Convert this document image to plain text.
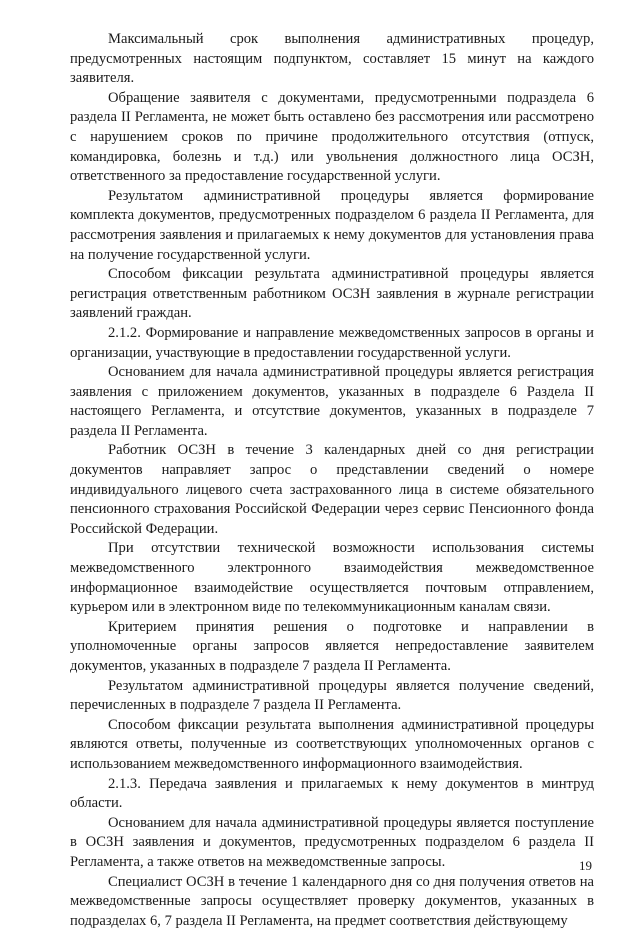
Максимальный срок выполнения административных процедур, предусмотренных настоящим подпунктом, составляет 15 минут на каждого заявителя.

Обращение заявителя с документами, предусмотренными подраздела 6 раздела II Регламента, не может быть оставлено без рассмотрения или рассмотрено с нарушением сроков по причине продолжительного отсутствия (отпуск, командировка, болезнь и т.д.) или увольнения должностного лица ОСЗН, ответственного за предоставление государственной услуги.

Результатом административной процедуры является формирование комплекта документов, предусмотренных подразделом 6 раздела II Регламента, для рассмотрения заявления и прилагаемых к нему документов для установления права на получение государственной услуги.

Способом фиксации результата административной процедуры является регистрация ответственным работником ОСЗН заявления в журнале регистрации заявлений граждан.

2.1.2. Формирование и направление межведомственных запросов в органы и организации, участвующие в предоставлении государственной услуги.

Основанием для начала административной процедуры является регистрация заявления с приложением документов, указанных в подразделе 6 Раздела II настоящего Регламента, и отсутствие документов, указанных в подразделе 7 раздела II Регламента.

Работник ОСЗН в течение 3 календарных дней со дня регистрации документов направляет запрос о представлении сведений о номере индивидуального лицевого счета застрахованного лица в системе обязательного пенсионного страхования Российской Федерации через сервис Пенсионного фонда Российской Федерации.

При отсутствии технической возможности использования системы межведомственного электронного взаимодействия межведомственное информационное взаимодействие осуществляется почтовым отправлением, курьером или в электронном виде по телекоммуникационным каналам связи.

Критерием принятия решения о подготовке и направлении в уполномоченные органы запросов является непредоставление заявителем документов, указанных в подразделе 7 раздела II Регламента.

Результатом административной процедуры является получение сведений, перечисленных в подразделе 7 раздела II Регламента.

Способом фиксации результата выполнения административной процедуры являются ответы, полученные из соответствующих уполномоченных органов с использованием межведомственного информационного взаимодействия.

2.1.3. Передача заявления и прилагаемых к нему документов в минтруд области.

Основанием для начала административной процедуры является поступление в ОСЗН заявления и документов, предусмотренных подразделом 6 раздела II Регламента, а также ответов на межведомственные запросы.

Специалист ОСЗН в течение 1 календарного дня со дня получения ответов на межведомственные запросы осуществляет проверку документов, указанных в подразделах 6, 7 раздела II Регламента, на предмет соответствия действующему

19
